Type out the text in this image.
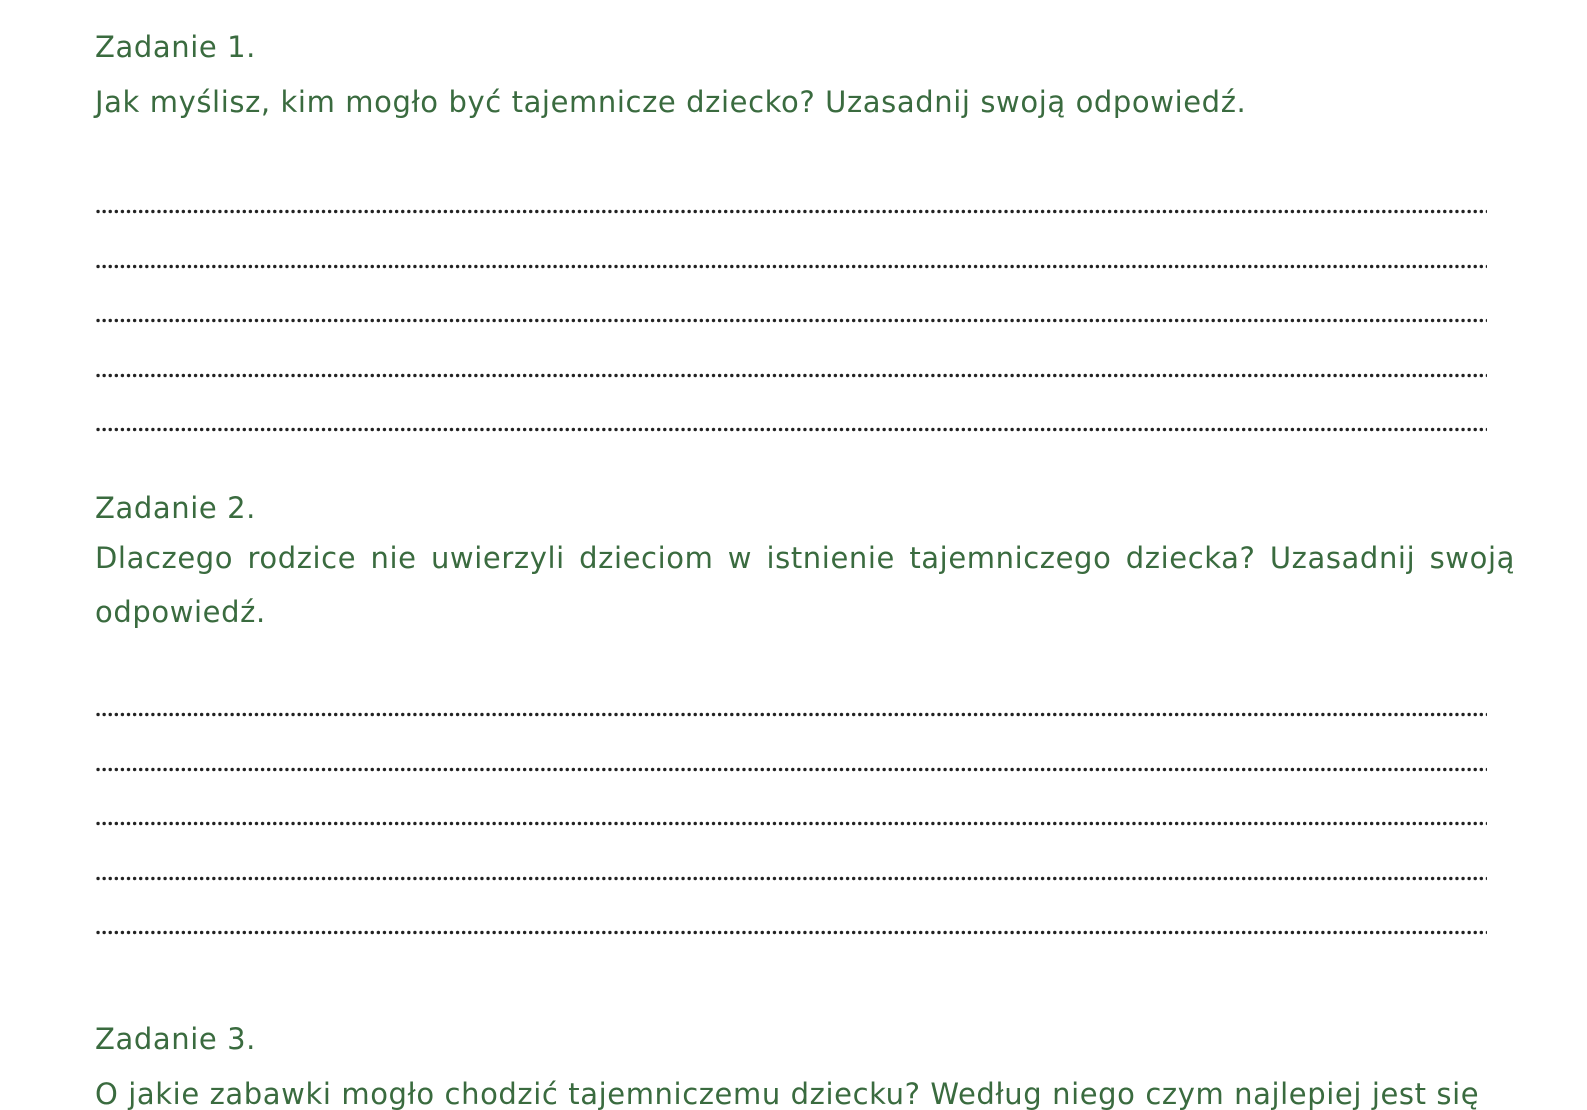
Zadanie 1.

Jak myślisz, kim mogło być tajemnicze dziecko? Uzasadnij swoją odpowiedź.

Zadanie 2.

Dlaczego rodzice nie uwierzyli dzieciom w istnienie tajemniczego dziecka? Uzasadnij swoją odpowiedź.

Zadanie 3.

O jakie zabawki mogło chodzić tajemniczemu dziecku? Według niego czym najlepiej jest się
